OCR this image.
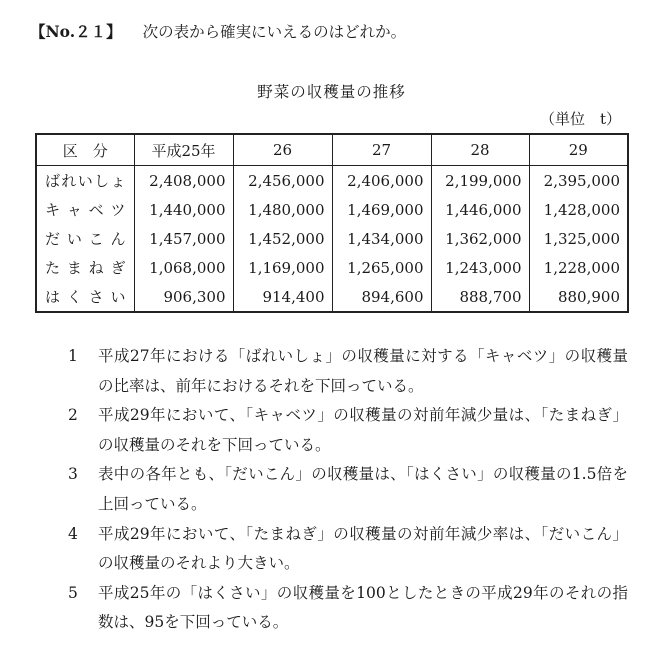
【No.２１】 次の表から確実にいえるのはどれか。
野菜の収穫量の推移
（単位　t）
区　分	平成25年	26	27	28	29
ばれいしょ	2,408,000	2,456,000	2,406,000	2,199,000	2,395,000
キャベツ	1,440,000	1,480,000	1,469,000	1,446,000	1,428,000
だいこん	1,457,000	1,452,000	1,434,000	1,362,000	1,325,000
たまねぎ	1,068,000	1,169,000	1,265,000	1,243,000	1,228,000
はくさい	906,300	914,400	894,600	888,700	880,900
1 平成27年における「ばれいしょ」の収穫量に対する「キャベツ」の収穫量の比率は、前年におけるそれを下回っている。
2 平成29年において、「キャベツ」の収穫量の対前年減少量は、「たまねぎ」の収穫量のそれを下回っている。
3 表中の各年とも、「だいこん」の収穫量は、「はくさい」の収穫量の1.5倍を上回っている。
4 平成29年において、「たまねぎ」の収穫量の対前年減少率は、「だいこん」の収穫量のそれより大きい。
5 平成25年の「はくさい」の収穫量を100としたときの平成29年のそれの指数は、95を下回っている。
